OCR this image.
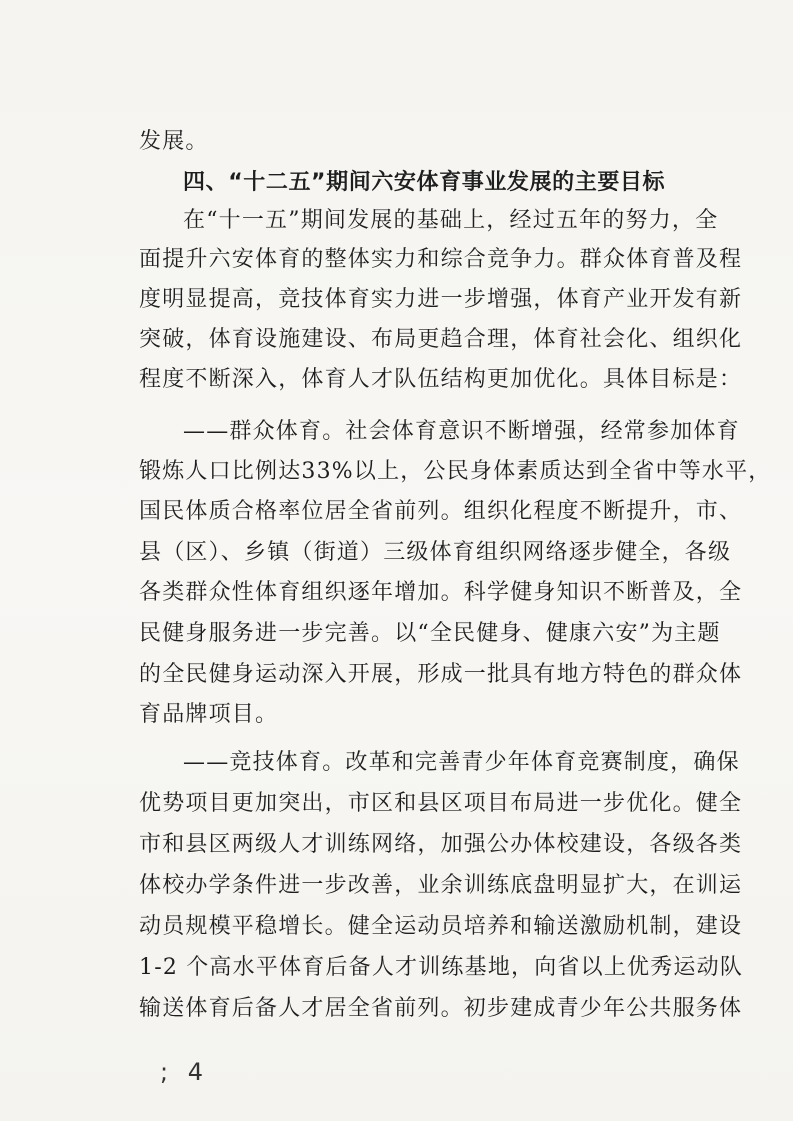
发展。
四、“十二五”期间六安体育事业发展的主要目标
在“十一五”期间发展的基础上，经过五年的努力，全
面提升六安体育的整体实力和综合竞争力。群众体育普及程
度明显提高，竞技体育实力进一步增强，体育产业开发有新
突破，体育设施建设、布局更趋合理，体育社会化、组织化
程度不断深入，体育人才队伍结构更加优化。具体目标是：
——群众体育。社会体育意识不断增强，经常参加体育
锻炼人口比例达33%以上，公民身体素质达到全省中等水平，
国民体质合格率位居全省前列。组织化程度不断提升，市、
县（区）、乡镇（街道）三级体育组织网络逐步健全，各级
各类群众性体育组织逐年增加。科学健身知识不断普及，全
民健身服务进一步完善。以“全民健身、健康六安”为主题
的全民健身运动深入开展，形成一批具有地方特色的群众体
育品牌项目。
——竞技体育。改革和完善青少年体育竞赛制度，确保
优势项目更加突出，市区和县区项目布局进一步优化。健全
市和县区两级人才训练网络，加强公办体校建设，各级各类
体校办学条件进一步改善，业余训练底盘明显扩大，在训运
动员规模平稳增长。健全运动员培养和输送激励机制，建设
1-2 个高水平体育后备人才训练基地，向省以上优秀运动队
输送体育后备人才居全省前列。初步建成青少年公共服务体
; 4
